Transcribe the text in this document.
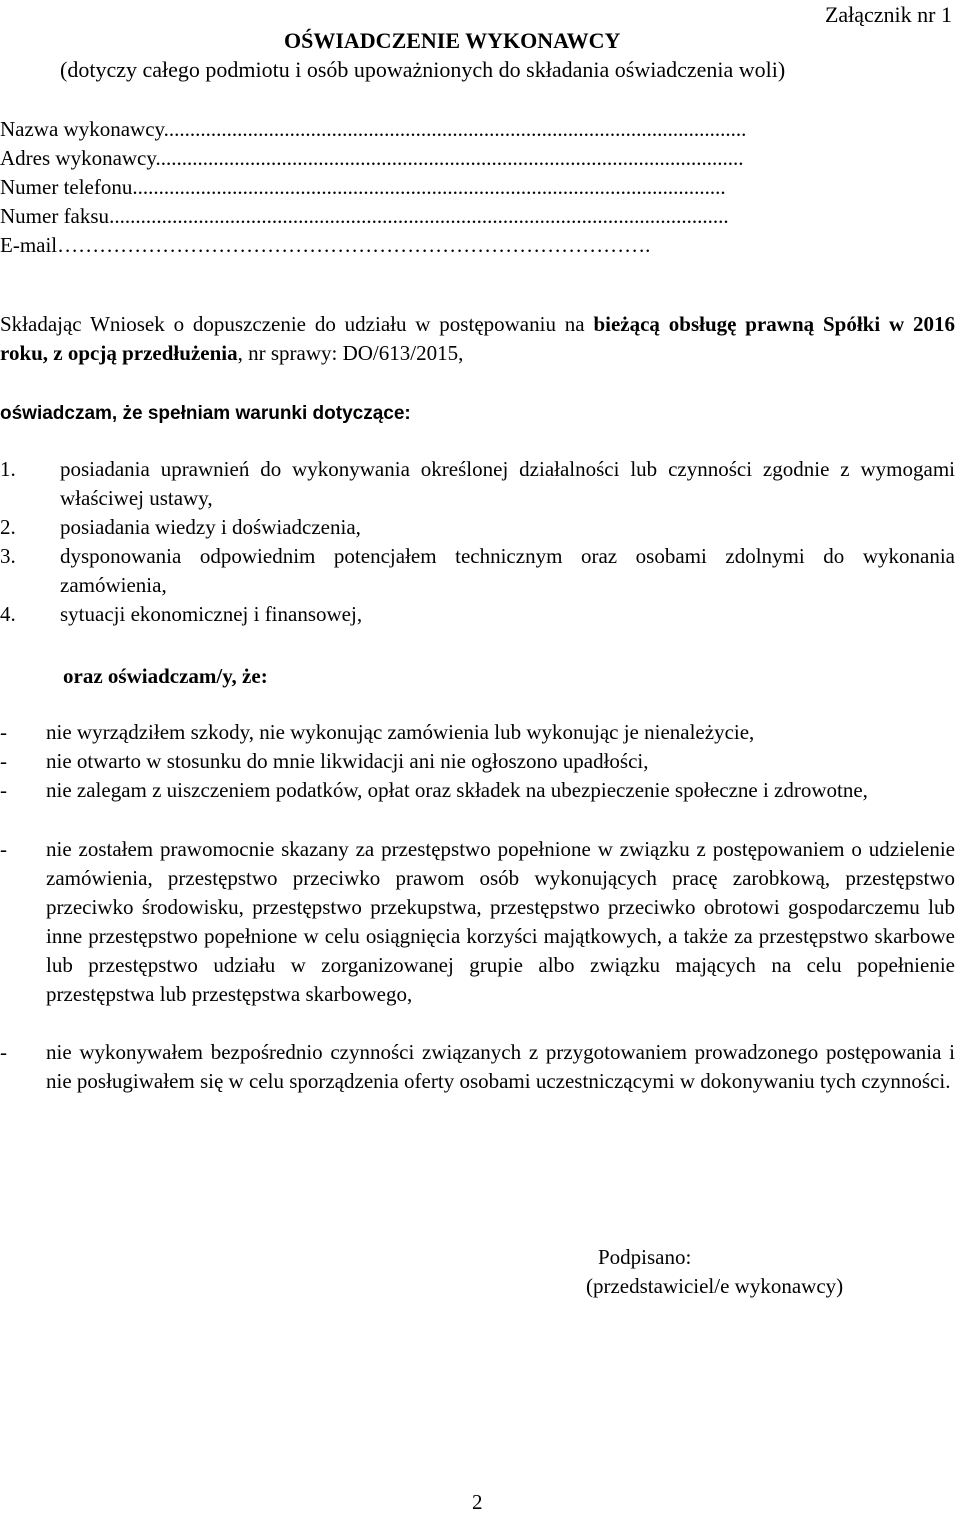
Załącznik nr 1
OŚWIADCZENIE WYKONAWCY
(dotyczy całego podmiotu i osób upoważnionych do składania oświadczenia woli)
Nazwa wykonawcy...............................................................................................................
Adres wykonawcy................................................................................................................
Numer telefonu.................................................................................................................
Numer faksu......................................................................................................................
E-mail………………………………………………………………………….
Składając Wniosek o dopuszczenie do udziału w postępowaniu na bieżącą obsługę prawną Spółki w 2016 roku, z opcją przedłużenia, nr sprawy: DO/613/2015,
oświadczam, że spełniam warunki dotyczące:
1.	posiadania uprawnień do wykonywania określonej działalności lub czynności zgodnie z wymogami właściwej ustawy,
2.	posiadania wiedzy i doświadczenia,
3.	dysponowania odpowiednim potencjałem technicznym oraz osobami zdolnymi do wykonania zamówienia,
4.	sytuacji ekonomicznej i finansowej,
oraz oświadczam/y, że:
-	nie wyrządziłem szkody, nie wykonując zamówienia lub wykonując je nienależycie,
-	nie otwarto w stosunku do mnie likwidacji ani nie ogłoszono upadłości,
-	nie zalegam z uiszczeniem podatków, opłat oraz składek na ubezpieczenie społeczne i zdrowotne,
-	nie zostałem prawomocnie skazany za przestępstwo popełnione w związku z postępowaniem o udzielenie zamówienia, przestępstwo przeciwko prawom osób wykonujących pracę zarobkową, przestępstwo przeciwko środowisku, przestępstwo przekupstwa, przestępstwo przeciwko obrotowi gospodarczemu lub inne przestępstwo popełnione w celu osiągnięcia korzyści majątkowych, a także za przestępstwo skarbowe lub przestępstwo udziału w zorganizowanej grupie albo związku mających na celu popełnienie przestępstwa lub przestępstwa skarbowego,
-	nie wykonywałem bezpośrednio czynności związanych z przygotowaniem prowadzonego postępowania i nie posługiwałem się w celu sporządzenia oferty osobami uczestniczącymi w dokonywaniu tych czynności.
Podpisano:
(przedstawiciel/e wykonawcy)
2
